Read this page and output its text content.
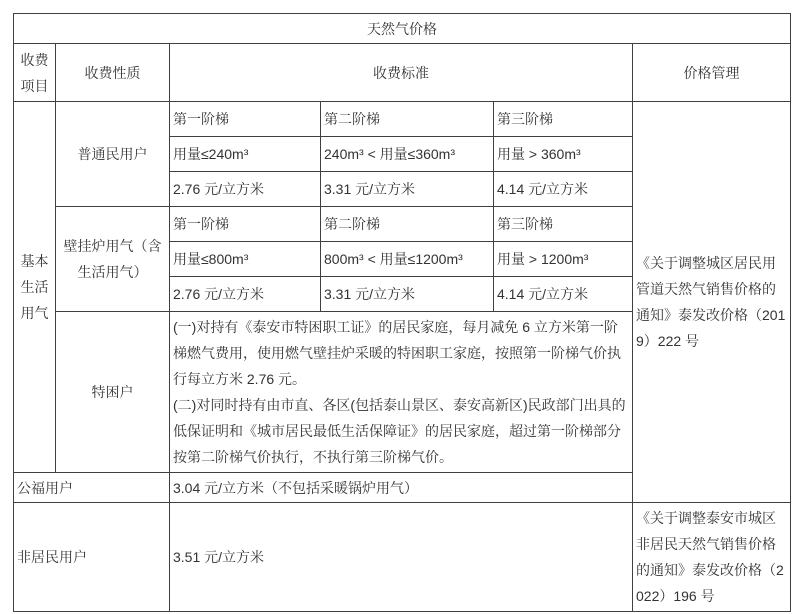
天然气价格					
收费项目	收费性质	收费标准			价格管理
基本生活用气	普通民用户	第一阶梯	第二阶梯	第三阶梯	《关于调整城区居民用管道天然气销售价格的通知》泰发改价格（2019）222 号
		用量≤240m³	240m³ < 用量≤360m³	用量 > 360m³	
		2.76 元/立方米	3.31 元/立方米	4.14 元/立方米	
	壁挂炉用气（含生活用气）	第一阶梯	第二阶梯	第三阶梯	
		用量≤800m³	800m³ < 用量≤1200m³	用量 > 1200m³	
		2.76 元/立方米	3.31 元/立方米	4.14 元/立方米	
	特困户	(一)对持有《泰安市特困职工证》的居民家庭，每月减免 6 立方米第一阶梯燃气费用，使用燃气壁挂炉采暖的特困职工家庭，按照第一阶梯气价执行每立方米 2.76 元。
(二)对同时持有由市直、各区(包括泰山景区、泰安高新区)民政部门出具的低保证明和《城市居民最低生活保障证》的居民家庭，超过第一阶梯部分按第二阶梯气价执行，不执行第三阶梯气价。			

公福用户		3.04 元/立方米（不包括采暖锅炉用气）			
非居民用户		3.51 元/立方米			《关于调整泰安市城区非居民天然气销售价格的通知》泰发改价格（2022）196 号
